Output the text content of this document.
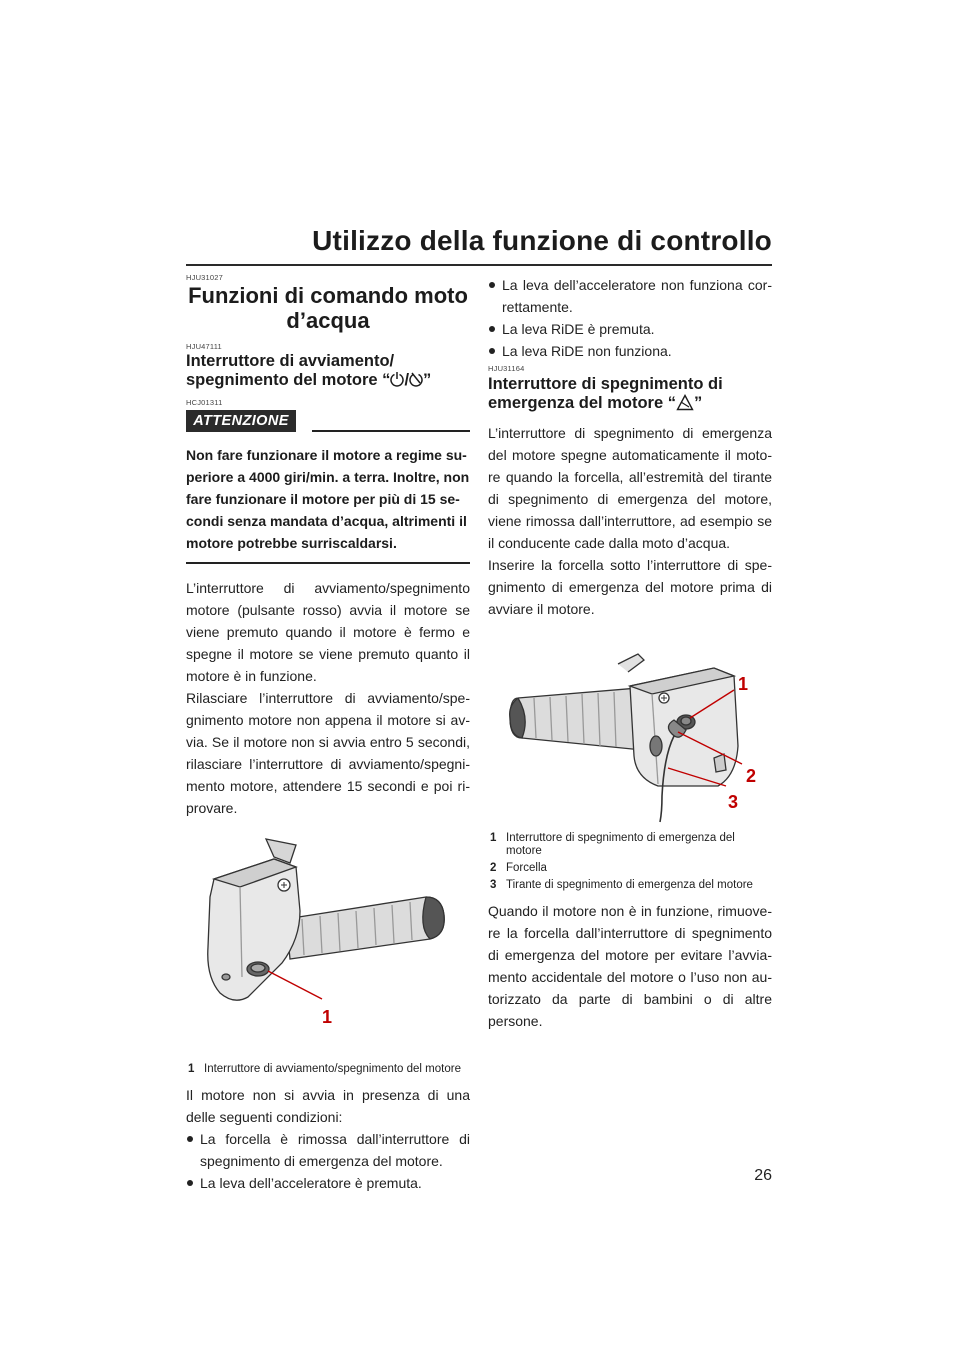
Utilizzo della funzione di controllo
HJU31027
Funzioni di comando moto
d’acqua
HJU47111
Interruttore di avviamento/
spegnimento del motore “ / ”
HCJ01311
ATTENZIONE
Non fare funzionare il motore a regime su-periore a 4000 giri/min. a terra. Inoltre, non fare funzionare il motore per più di 15 se-condi senza mandata d’acqua, altrimenti il motore potrebbe surriscaldarsi.

L’interruttore di avviamento/spegnimento motore (pulsante rosso) avvia il motore se viene premuto quando il motore è fermo e spegne il motore se viene premuto quanto il motore è in funzione.

Rilasciare l’interruttore di avviamento/spe-gnimento motore non appena il motore si av-via. Se il motore non si avvia entro 5 secondi, rilasciare l’interruttore di avviamento/spegni-mento motore, attendere 15 secondi e poi ri-provare.

1
1 Interruttore di avviamento/spegnimento del motore

Il motore non si avvia in presenza di una delle seguenti condizioni:

La forcella è rimossa dall’interruttore di spegnimento di emergenza del motore.
La leva dell’acceleratore è premuta.
La leva dell’acceleratore non funziona cor-rettamente.
La leva RiDE è premuta.
La leva RiDE non funziona.
HJU31164
Interruttore di spegnimento di
emergenza del motore “ ”

L’interruttore di spegnimento di emergenza del motore spegne automaticamente il moto-re quando la forcella, all’estremità del tirante di spegnimento di emergenza del motore, viene rimossa dall’interruttore, ad esempio se il conducente cade dalla moto d’acqua.

Inserire la forcella sotto l’interruttore di spe-gnimento di emergenza del motore prima di avviare il motore.

1
2
3
1 Interruttore di spegnimento di emergenza del motore
2 Forcella
3 Tirante di spegnimento di emergenza del motore

Quando il motore non è in funzione, rimuove-re la forcella dall’interruttore di spegnimento di emergenza del motore per evitare l’avvia-mento accidentale del motore o l’uso non au-torizzato da parte di bambini o di altre persone.

26
